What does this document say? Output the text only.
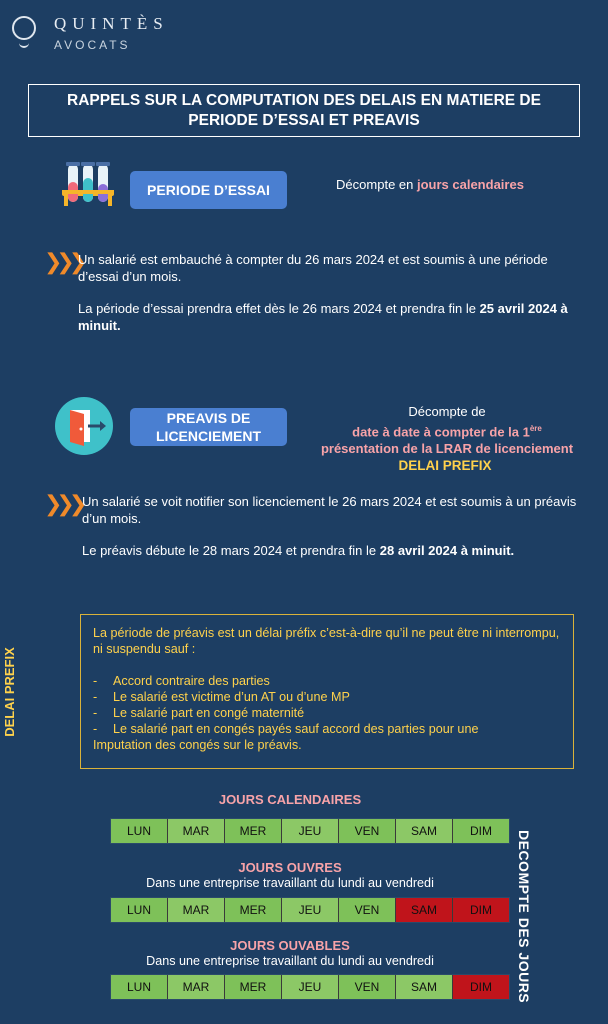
QUINTÈS
AVOCATS
RAPPELS SUR LA COMPUTATION DES DELAIS EN MATIERE DE PERIODE D’ESSAI ET PREAVIS
PERIODE D’ESSAI	Décompte en jours calendaires
❯❯❯
Un salarié est embauché à compter du 26 mars 2024 et est soumis à une période d’essai d’un mois.
La période d’essai prendra effet dès le 26 mars 2024 et prendra fin le 25 avril 2024 à minuit.
PREAVIS DE LICENCIEMENT
Décompte de
date à date à compter de la 1ère
présentation de la LRAR de licenciement
DELAI PREFIX
❯❯❯ Un salarié se voit notifier son licenciement le 26 mars 2024 et est soumis à un préavis d’un mois.
Le préavis débute le 28 mars 2024 et prendra fin le 28 avril 2024 à minuit.
DELAI PREFIX
La période de préavis est un délai préfix c’est-à-dire qu’il ne peut être ni interrompu, ni suspendu sauf :
- Accord contraire des parties
- Le salarié est victime d’un AT ou d’une MP
- Le salarié part en congé maternité
- Le salarié part en congés payés sauf accord des parties pour une
Imputation des congés sur le préavis.
JOURS CALENDAIRES
LUN	MAR	MER	JEU	VEN	SAM	DIM
JOURS OUVRES
Dans une entreprise travaillant du lundi au vendredi
LUN	MAR	MER	JEU	VEN	SAM	DIM
JOURS OUVABLES
Dans une entreprise travaillant du lundi au vendredi
LUN	MAR	MER	JEU	VEN	SAM	DIM	DECOMPTE DES JOURS
